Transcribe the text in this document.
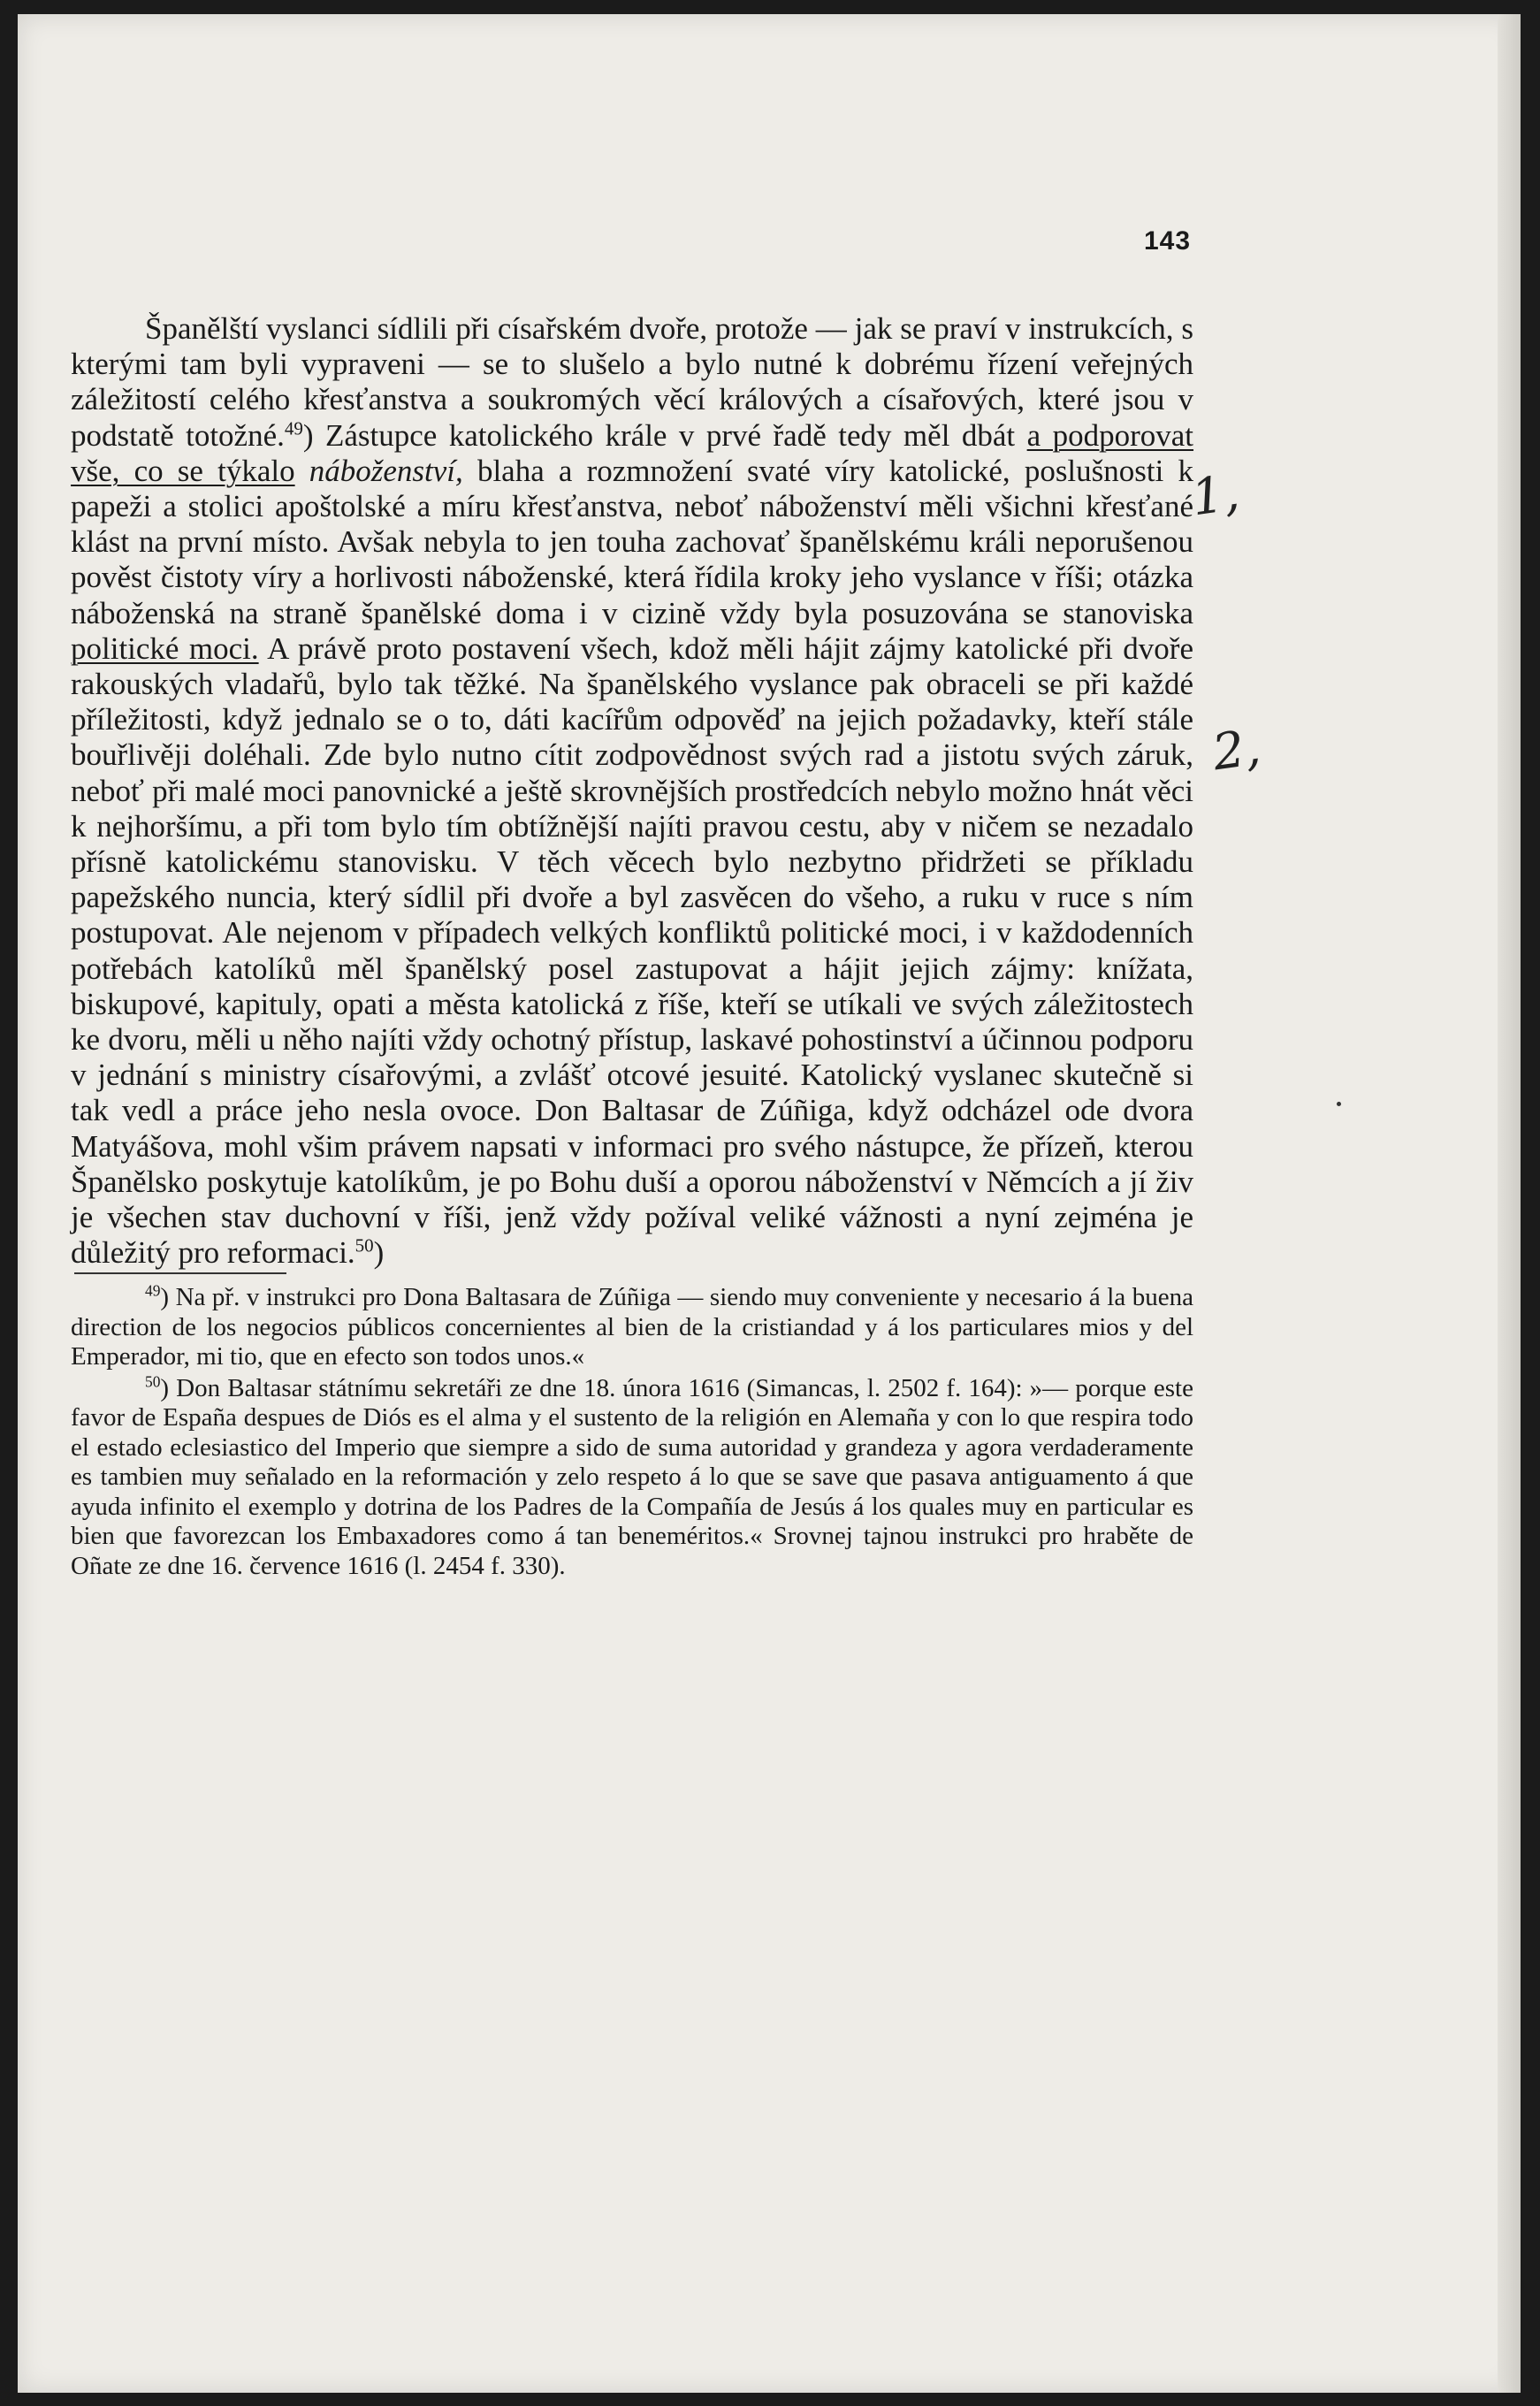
143

Španělští vyslanci sídlili při císařském dvoře, protože — jak se praví v instrukcích, s kterými tam byli vypraveni — se to slušelo a bylo nutné k dobrému řízení veřejných záležitostí celého křesťanstva a soukromých věcí králových a císařových, které jsou v podstatě totožné.$^{49}$) Zástupce katolického krále v prvé řadě tedy měl dbát a podporovat vše, co se týkalo náboženství, blaha a rozmnožení svaté víry katolické, poslušnosti k papeži a stolici apoštolské a míru křesťanstva, neboť náboženství měli všichni křesťané klást na první místo. Avšak nebyla to jen touha zachovať španělskému králi neporušenou pověst čistoty víry a horlivosti náboženské, která řídila kroky jeho vyslance v říši; otázka náboženská na straně španělské doma i v cizině vždy byla posuzována se stanoviska politické moci. A právě proto postavení všech, kdož měli hájit zájmy katolické při dvoře rakouských vladařů, bylo tak těžké. Na španělského vyslance pak obraceli se při každé příležitosti, když jednalo se o to, dáti kacířům odpověď na jejich požadavky, kteří stále bouřlivěji doléhali. Zde bylo nutno cítit zodpovědnost svých rad a jistotu svých záruk, neboť při malé moci panovnické a ještě skrovnějších prostředcích nebylo možno hnát věci k nejhoršímu, a při tom bylo tím obtížnější najíti pravou cestu, aby v ničem se nezadalo přísně katolickému stanovisku. V těch věcech bylo nezbytno přidržeti se příkladu papežského nuncia, který sídlil při dvoře a byl zasvěcen do všeho, a ruku v ruce s ním postupovat. Ale nejenom v případech velkých konfliktů politické moci, i v každodenních potřebách katolíků měl španělský posel zastupovat a hájit jejich zájmy: knížata, biskupové, kapituly, opati a města katolická z říše, kteří se utíkali ve svých záležitostech ke dvoru, měli u něho najíti vždy ochotný přístup, laskavé pohostinství a účinnou podporu v jednání s ministry císařovými, a zvlášť otcové jesuité. Katolický vyslanec skutečně si tak vedl a práce jeho nesla ovoce. Don Baltasar de Zúñiga, když odcházel ode dvora Matyášova, mohl všim právem napsati v informaci pro svého nástupce, že přízeň, kterou Španělsko poskytuje katolíkům, je po Bohu duší a oporou náboženství v Němcích a jí živ je všechen stav duchovní v říši, jenž vždy požíval veliké vážnosti a nyní zejména je důležitý pro reformaci.$^{50}$)

$^{49}$) Na př. v instrukci pro Dona Baltasara de Zúñiga — siendo muy conveniente y necesario á la buena direction de los negocios públicos concernientes al bien de la cristiandad y á los particulares mios y del Emperador, mi tio, que en efecto son todos unos.«

$^{50}$) Don Baltasar státnímu sekretáři ze dne 18. února 1616 (Simancas, l. 2502 f. 164): »— porque este favor de España despues de Diós es el alma y el sustento de la religión en Alemaña y con lo que respira todo el estado eclesiastico del Imperio que siempre a sido de suma autoridad y grandeza y agora verdaderamente es tambien muy señalado en la reformación y zelo respeto á lo que se save que pasava antiguamento á que ayuda infinito el exemplo y dotrina de los Padres de la Compañía de Jesús á los quales muy en particular es bien que favorezcan los Embaxadores como á tan beneméritos.« Srovnej tajnou instrukci pro hraběte de Oñate ze dne 16. července 1616 (l. 2454 f. 330).

1,
2,
